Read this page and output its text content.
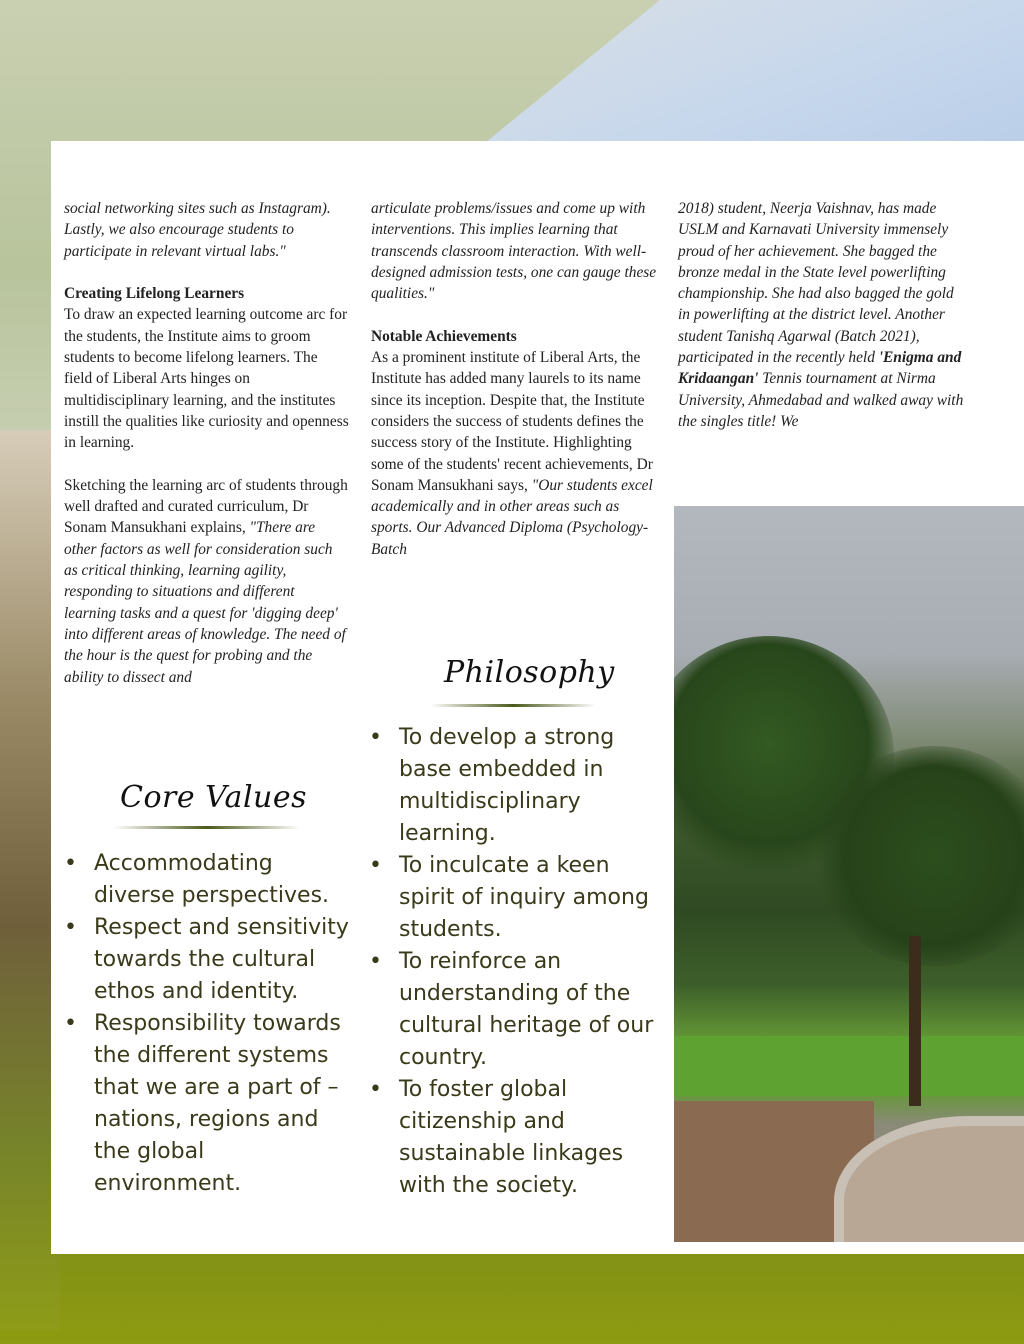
social networking sites such as Instagram). Lastly, we also encourage students to participate in relevant virtual labs."

Creating Lifelong Learners

To draw an expected learning outcome arc for the students, the Institute aims to groom students to become lifelong learners. The field of Liberal Arts hinges on multidisciplinary learning, and the institutes instill the qualities like curiosity and openness in learning.

Sketching the learning arc of students through well drafted and curated curriculum, Dr Sonam Mansukhani explains, "There are other factors as well for consideration such as critical thinking, learning agility, responding to situations and different learning tasks and a quest for 'digging deep' into different areas of knowledge. The need of the hour is the quest for probing and the ability to dissect and

articulate problems/issues and come up with interventions. This implies learning that transcends classroom interaction. With well-designed admission tests, one can gauge these qualities."

Notable Achievements

As a prominent institute of Liberal Arts, the Institute has added many laurels to its name since its inception. Despite that, the Institute considers the success of students defines the success story of the Institute. Highlighting some of the students' recent achievements, Dr Sonam Mansukhani says, "Our students excel academically and in other areas such as sports. Our Advanced Diploma (Psychology- Batch

2018) student, Neerja Vaishnav, has made USLM and Karnavati University immensely proud of her achievement. She bagged the bronze medal in the State level powerlifting championship. She had also bagged the gold in powerlifting at the district level. Another student Tanishq Agarwal (Batch 2021), participated in the recently held 'Enigma and Kridaangan' Tennis tournament at Nirma University, Ahmedabad and walked away with the singles title! We

Philosophy
• To develop a strong base embedded in multidisciplinary learning.
• To inculcate a keen spirit of inquiry among students.
• To reinforce an understanding of the cultural heritage of our country.
• To foster global citizenship and sustainable linkages with the society.
Core Values
• Accommodating diverse perspectives.
• Respect and sensitivity towards the cultural ethos and identity.
• Responsibility towards the different systems that we are a part of – nations, regions and the global environment.
